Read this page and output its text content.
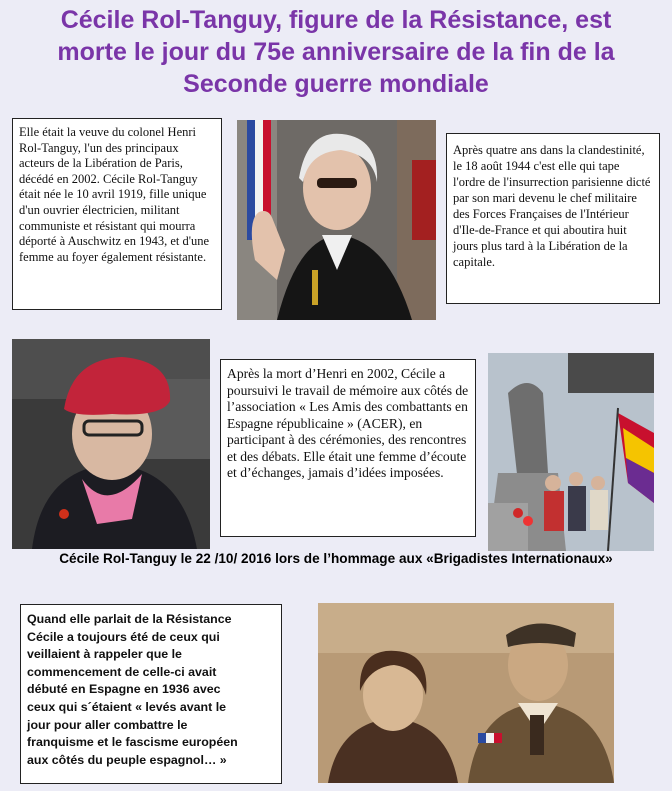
Cécile Rol-Tanguy, figure de la Résistance, est
morte le jour du 75e anniversaire de la fin de la
Seconde guerre mondiale
Elle était la veuve du colonel Henri Rol-Tanguy, l'un des principaux acteurs de la Libération de Paris, décédé en 2002. Cécile Rol-Tanguy était née le 10 avril 1919, fille unique d'un ouvrier électricien, militant communiste et résistant qui mourra déporté à Auschwitz en 1943, et d'une femme au foyer également résistante.
Après quatre ans dans la clandestinité, le 18 août 1944 c'est elle qui tape l'ordre de l'insurrection parisienne dicté par son mari devenu le chef militaire des Forces Françaises de l'Intérieur d'Ile-de-France et qui aboutira huit jours plus tard à la Libération de la capitale.
Après la mort d’Henri en 2002, Cécile a poursuivi le travail de mémoire aux côtés de l’association « Les Amis des combattants en Espagne républicaine » (ACER), en participant à des cérémonies, des rencontres et des débats. Elle était une femme d’écoute et d’échanges, jamais d’idées imposées.
Cécile Rol-Tanguy le 22 /10/ 2016 lors de l’hommage aux «Brigadistes Internationaux»
Quand elle parlait de la Résistance
Cécile a toujours été de ceux qui
veillaient à rappeler que le
commencement de celle-ci avait
débuté en Espagne en 1936 avec
ceux qui s´étaient « levés avant le
jour pour aller combattre le
franquisme et le fascisme européen
aux côtés du peuple espagnol… »
